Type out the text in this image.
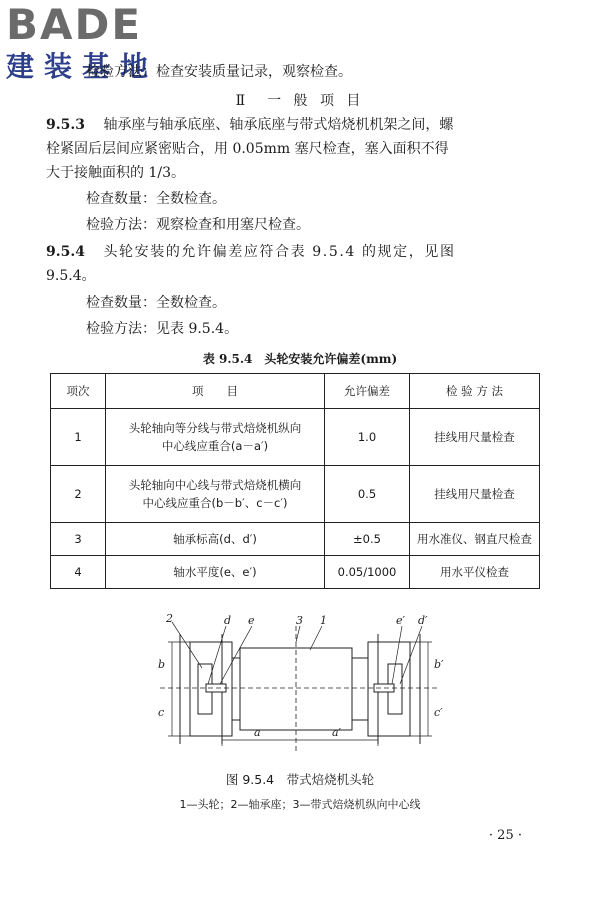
BADE
建装基地
检验方法：检查安装质量记录，观察检查。
Ⅱ　一 般 项 目
9.5.3 轴承座与轴承底座、轴承底座与带式焙烧机机架之间，螺
栓紧固后层间应紧密贴合，用 0.05mm 塞尺检查，塞入面积不得
大于接触面积的 1/3。
检查数量：全数检查。
检验方法：观察检查和用塞尺检查。
9.5.4 头轮安装的允许偏差应符合表 9.5.4 的规定，见图
9.5.4。
检查数量：全数检查。
检验方法：见表 9.5.4。
表 9.5.4　头轮安装允许偏差(mm)
项次	项　　目	允许偏差	检 验 方 法
1	头轮轴向等分线与带式焙烧机纵向
中心线应重合(a－a′)	1.0	挂线用尺量检查
2	头轮轴向中心线与带式焙烧机横向
中心线应重合(b－b′、c－c′)	0.5	挂线用尺量检查
3	轴承标高(d、d′)	±0.5	用水准仪、钢直尺检查
4	轴水平度(e、e′)	0.05/1000	用水平仪检查
2	d e	3 1	e′ d′
b
c
b′
c′
a	a′
图 9.5.4　带式焙烧机头轮
1—头轮；2—轴承座；3—带式焙烧机纵向中心线
· 25 ·
